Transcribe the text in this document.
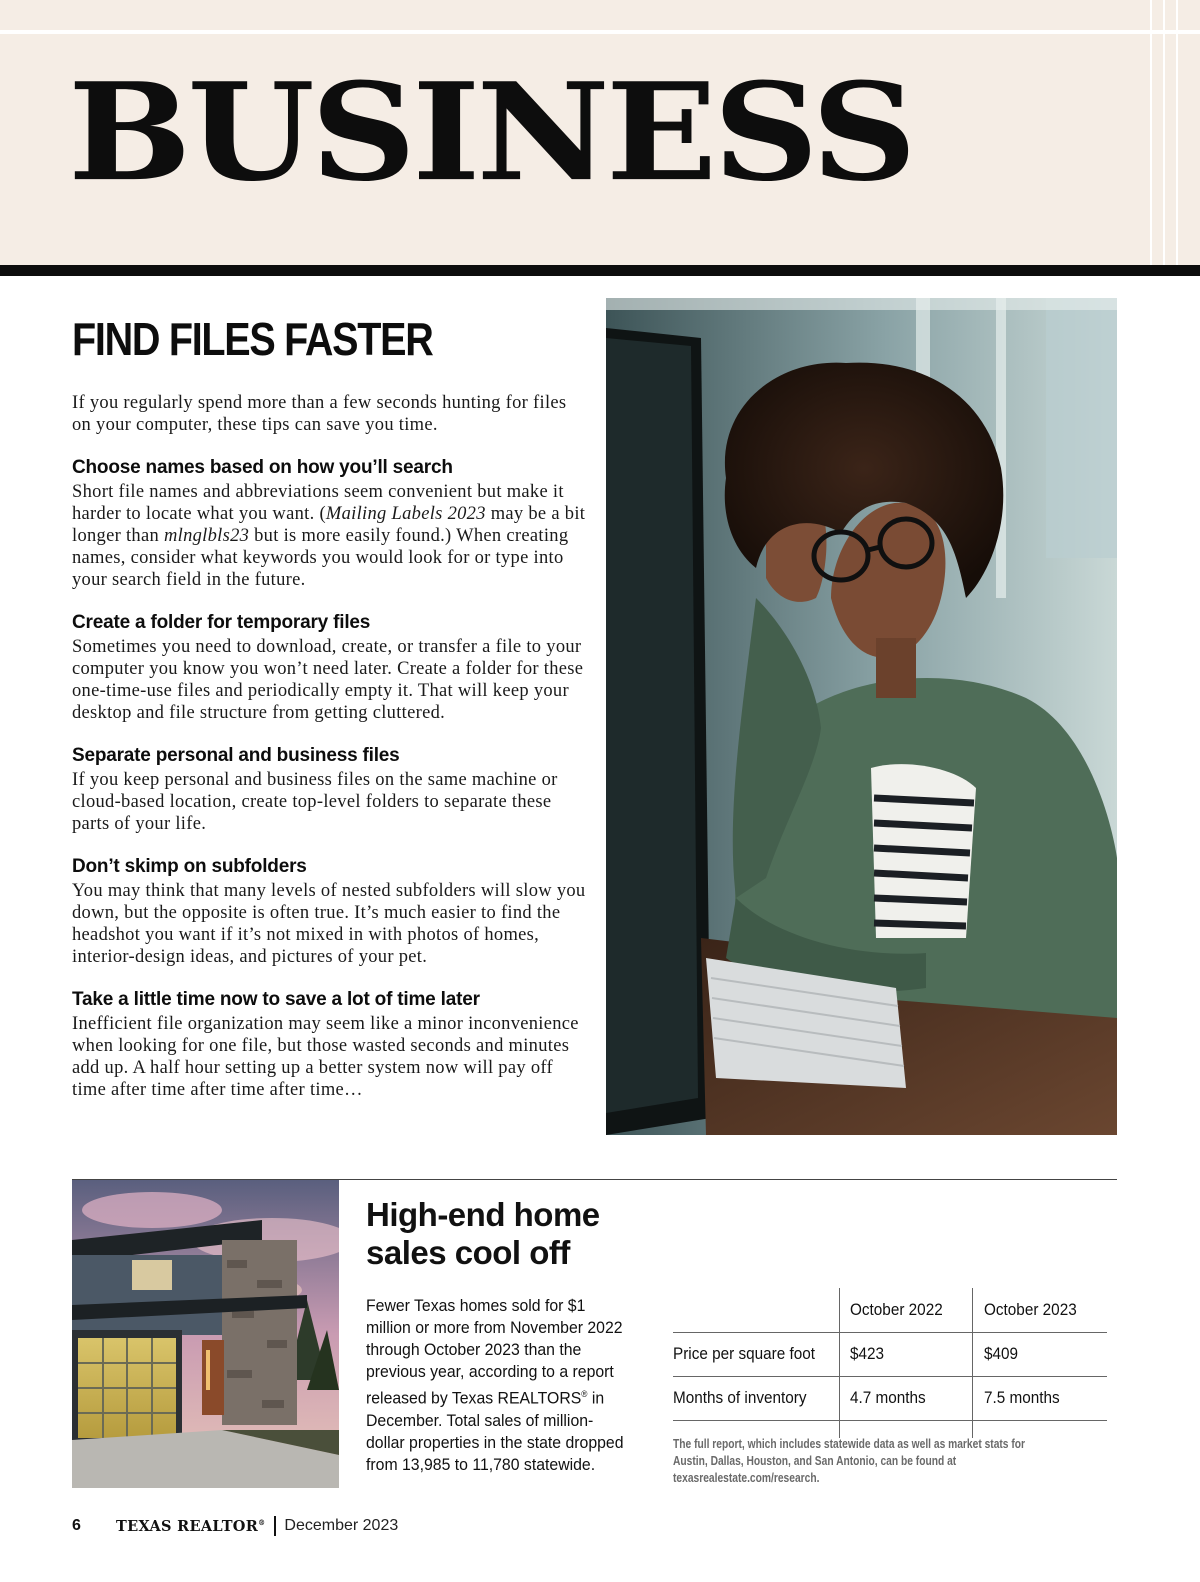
BUSINESS
FIND FILES FASTER

If you regularly spend more than a few seconds hunting for files on your computer, these tips can save you time.

Choose names based on how you’ll search

Short file names and abbreviations seem convenient but make it harder to locate what you want. (Mailing Labels 2023 may be a bit longer than mlnglbls23 but is more easily found.) When creating names, consider what keywords you would look for or type into your search field in the future.

Create a folder for temporary files

Sometimes you need to download, create, or transfer a file to your computer you know you won’t need later. Create a folder for these one-time-use files and periodically empty it. That will keep your desktop and file structure from getting cluttered.

Separate personal and business files

If you keep personal and business files on the same machine or cloud-based location, create top-level folders to separate these parts of your life.

Don’t skimp on subfolders

You may think that many levels of nested subfolders will slow you down, but the opposite is often true. It’s much easier to find the headshot you want if it’s not mixed in with photos of homes, interior-design ideas, and pictures of your pet.

Take a little time now to save a lot of time later

Inefficient file organization may seem like a minor inconvenience when looking for one file, but those wasted seconds and minutes add up. A half hour setting up a better system now will pay off time after time after time after time…

High-end home
sales cool off

Fewer Texas homes sold for $1 million or more from November 2022 through October 2023 than the previous year, according to a report released by Texas REALTORS® in December. Total sales of million-dollar properties in the state dropped from 13,985 to 11,780 statewide.

	October 2022	October 2023
Price per square foot	$423	$409
Months of inventory	4.7 months	7.5 months

The full report, which includes statewide data as well as market stats for Austin, Dallas, Houston, and San Antonio, can be found at texasrealestate.com/research.

6	TEXAS REALTOR® December 2023
